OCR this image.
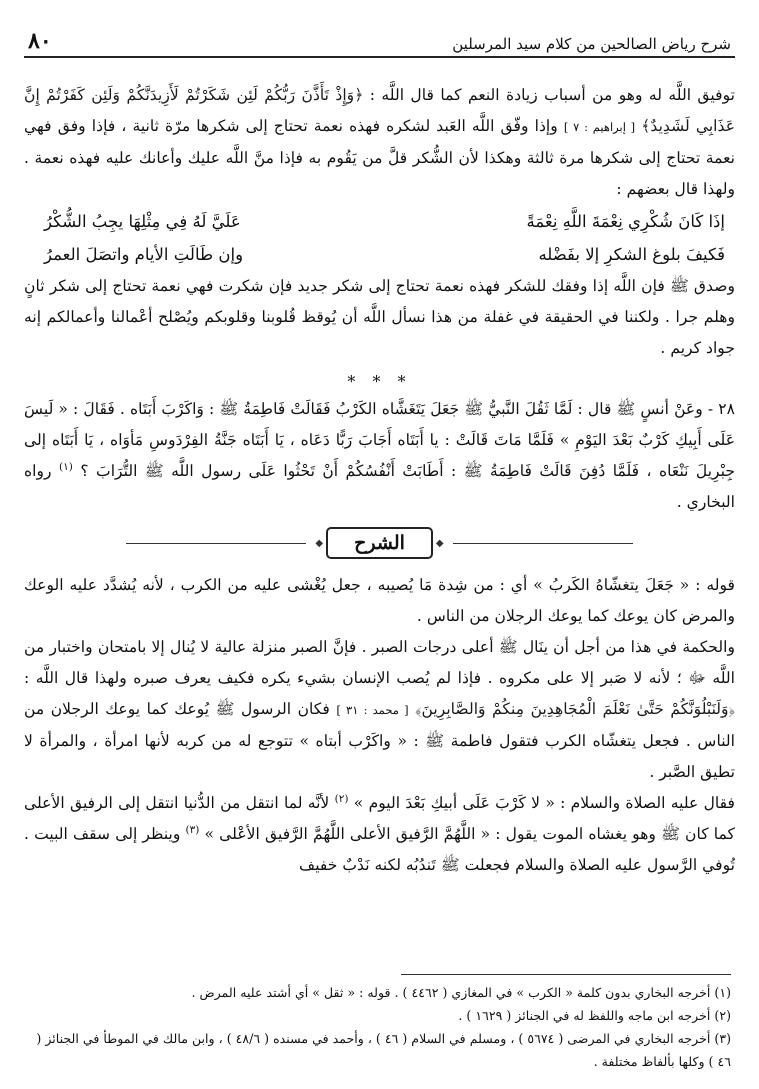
شرح رياض الصالحين من كلام سيد المرسلين
٨٠

توفيق اللَّه له وهو من أسباب زيادة النعم كما قال اللَّه : ﴿وَإِذْ تَأَذَّنَ رَبُّكُمْ لَئِن شَكَرْتُمْ لَأَزِيدَنَّكُمْ وَلَئِن كَفَرْتُمْ إِنَّ عَذَابِي لَشَدِيدٌ﴾ [ إبراهيم : ٧ ] وإذا وفّق اللَّه العَبد لشكره فهذه نعمة تحتاج إلى شكرها مرّة ثانية ، فإذا وفق فهي نعمة تحتاج إلى شكرها مرة ثالثة وهكذا لأن الشُّكر قلَّ من يَقُوم به فإذا منَّ اللَّه عليك وأعانك عليه فهذه نعمة . ولهذا قال بعضهم :

إذَا كَانَ شُكْرِي نِعْمَةَ اللَّهِ نِعْمَةً
عَلَيَّ لَهُ فِي مِثْلِهَا يجِبُ الشُّكْرُ
فَكيفَ بلوغ الشكرِ إلا بفَضْله
وإن طَالَتِ الأيام واتصَلَ العمرُ

وصدق ﷺ فإن اللَّه إذا وفقك للشكر فهذه نعمة تحتاج إلى شكر جديد فإن شكرت فهي نعمة تحتاج إلى شكر ثانٍ وهلم جرا . ولكننا في الحقيقة في غفلة من هذا نسأل اللَّه أن يُوقظ قُلوبنا وقلوبكم ويُصْلح أعْمالنا وأعمالكم إنه جواد كريم .

* * *

٢٨ - وعَنْ أنسٍ ﷺ قال : لَمَّا ثَقُلَ النَّبيُّ ﷺ جَعَلَ يَتَغَشَّاه الكَرْبُ فَقَالَتْ فَاطِمَةُ ﷺ : وَاكَرْبَ أَبَتَاه . فَقَالَ : « لَيسَ عَلَى أَبِيكِ كَرْبٌ بَعْدَ اليَوْمِ » فَلَمَّا مَاتَ قَالَتْ : يا أَبَتَاه أَجَابَ رَبًّا دَعَاه ، يَا أَبَتَاه جَنَّةُ الفِرْدَوسِ مَأوَاه ، يَا أَبَتَاه إلى جِبْرِيلَ نَنْعَاه ، فَلَمَّا دُفِنَ قَالَتْ فَاطِمَةُ ﷺ : أَطَابَتْ أَنْفُسُكُمْ أَنْ تَحْثُوا عَلَى رسول اللَّه ﷺ التُّرَابَ ؟ $^{(١)}$ رواه البخاري .

◆
الشرح
◆

قوله : « جَعَلَ يتغشّاهُ الكَربُ » أي : من شِدة مَا يُصيبه ، جعل يُغْشى عليه من الكرب ، لأنه يُشدَّد عليه الوعك والمرض كان يوعك كما يوعك الرجلان من الناس .

والحكمة في هذا من أجل أن ينَال ﷺ أعلى درجات الصبر . فإنَّ الصبر منزلة عالية لا يُنال إلا بامتحان واختبار من اللَّه ﷻ ؛ لأنه لا صَبر إلا على مكروه . فإذا لم يُصب الإنسان بشيء يكره فكيف يعرف صبره ولهذا قال اللَّه : ﴿وَلَنَبْلُوَنَّكُمْ حَتَّىٰ نَعْلَمَ الْمُجَاهِدِينَ مِنكُمْ وَالصَّابِرِينَ﴾ [ محمد : ٣١ ] فكان الرسول ﷺ يُوعك كما يوعك الرجلان من الناس . فجعل يتغشّاه الكرب فتقول فاطمة ﷺ : « واكَرْب أبتاه » تتوجع له من كربه لأنها امرأة ، والمرأة لا تطيق الصَّبر .

فقال عليه الصلاة والسلام : « لا كَرْبَ عَلَى أبيكِ بَعْدَ اليوم » $^{(٢)}$ لأنَّه لما انتقل من الدُّنيا انتقل إلى الرفيق الأعلى كما كان ﷺ وهو يغشاه الموت يقول : « اللَّهُمَّ الرَّفيق الأعلى اللَّهُمَّ الرَّفيق الأعْلى » $^{(٣)}$ وينظر إلى سقف البيت . تُوفي الرَّسول عليه الصلاة والسلام فجعلت ﷺ تَندُبُه لكنه نَدْبٌ خفيف

(١) أخرجه البخاري بدون كلمة « الكرب » في المغازي ( ٤٤٦٢ ) . قوله : « ثقل » أي أشتد عليه المرض .

(٢) أخرجه ابن ماجه واللفظ له في الجنائز ( ١٦٢٩ ) .

(٣) أخرجه البخاري في المرضى ( ٥٦٧٤ ) ، ومسلم في السلام ( ٤٦ ) ، وأحمد في مسنده ( ٤٨/٦ ) ، وابن مالك في الموطأ في الجنائز ( ٤٦ ) وكلها بألفاظ مختلفة .
